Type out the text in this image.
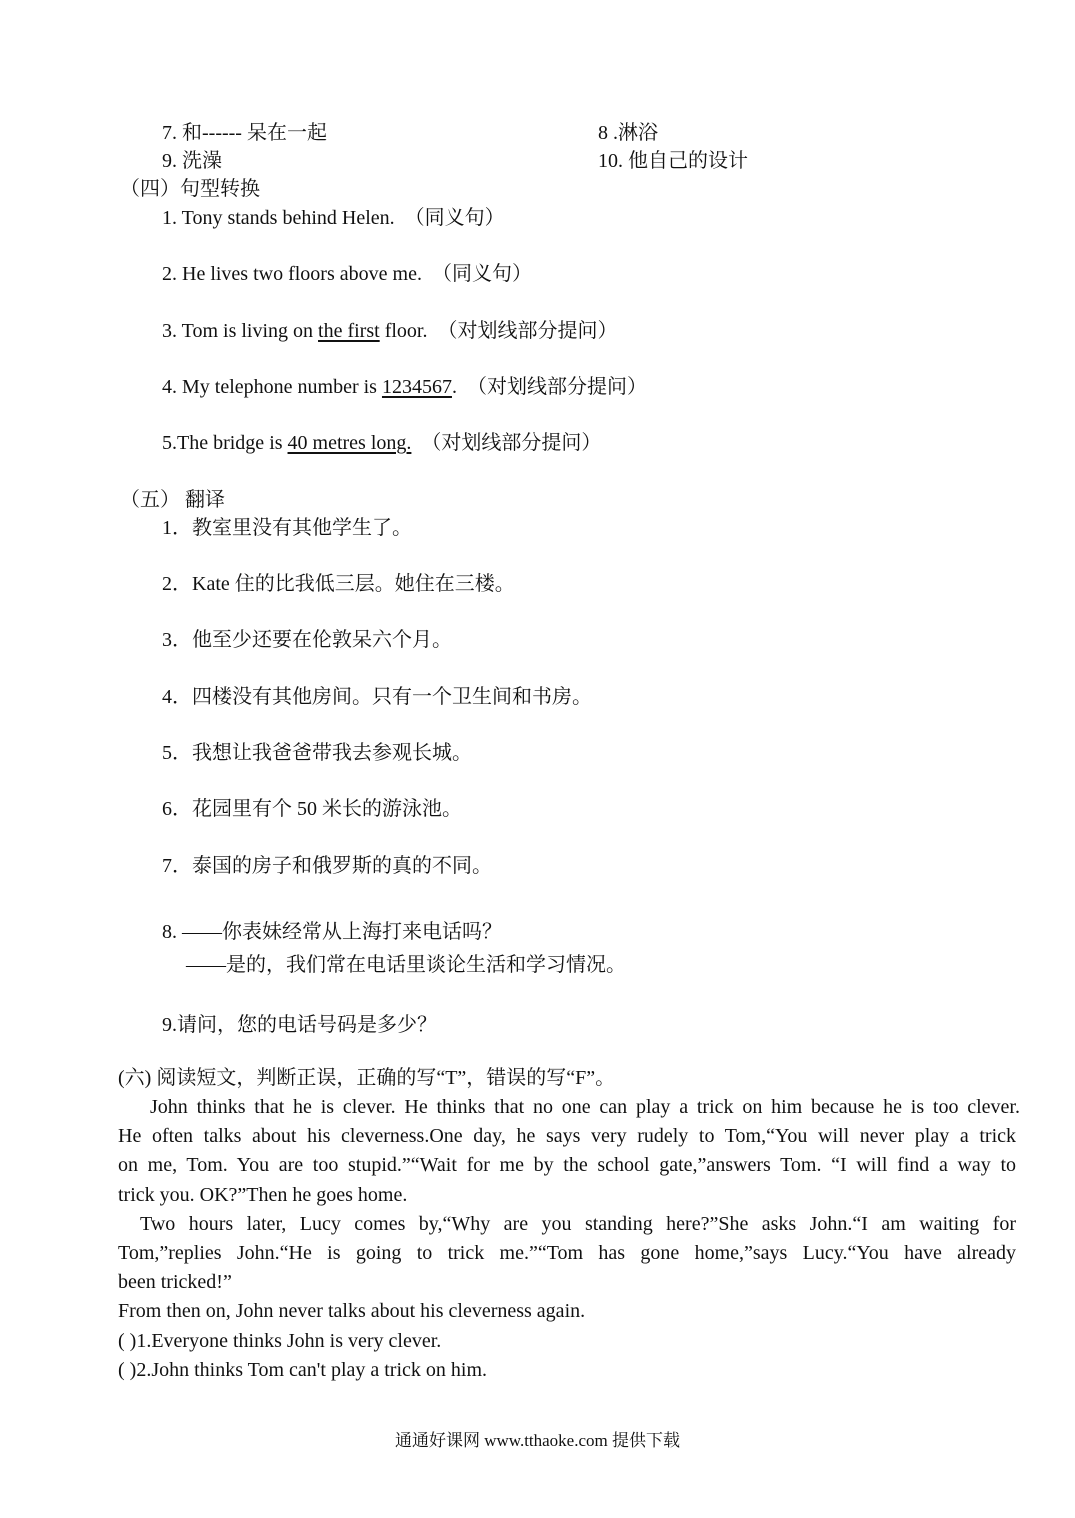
7. 和------ 呆在一起	8 .淋浴
9. 洗澡	10. 他自己的设计
（四）句型转换
1. Tony stands behind Helen. （同义句）
2. He lives two floors above me. （同义句）
3. Tom is living on the first floor. （对划线部分提问）
4. My telephone number is 1234567. （对划线部分提问）
5.The bridge is 40 metres long. （对划线部分提问）
（五） 翻译
1．教室里没有其他学生了。
2．Kate 住的比我低三层。她住在三楼。
3．他至少还要在伦敦呆六个月。
4．四楼没有其他房间。只有一个卫生间和书房。
5．我想让我爸爸带我去参观长城。
6．花园里有个 50 米长的游泳池。
7．泰国的房子和俄罗斯的真的不同。
8. ——你表妹经常从上海打来电话吗？
——是的，我们常在电话里谈论生活和学习情况。
9.请问，您的电话号码是多少？
(六) 阅读短文，判断正误，正确的写“T”，错误的写“F”。
John thinks that he is clever. He thinks that no one can play a trick on him because he is too clever.
He often talks about his cleverness.One day, he says very rudely to Tom,“You will never play a trick
on me, Tom. You are too stupid.”“Wait for me by the school gate,”answers Tom. “I will find a way to
trick you. OK?”Then he goes home.
Two hours later, Lucy comes by,“Why are you standing here?”She asks John.“I am waiting for
Tom,”replies John.“He is going to trick me.”“Tom has gone home,”says Lucy.“You have already
been tricked!”
From then on, John never talks about his cleverness again.
( )1.Everyone thinks John is very clever.
( )2.John thinks Tom can't play a trick on him.
通通好课网 www.tthaoke.com 提供下载
